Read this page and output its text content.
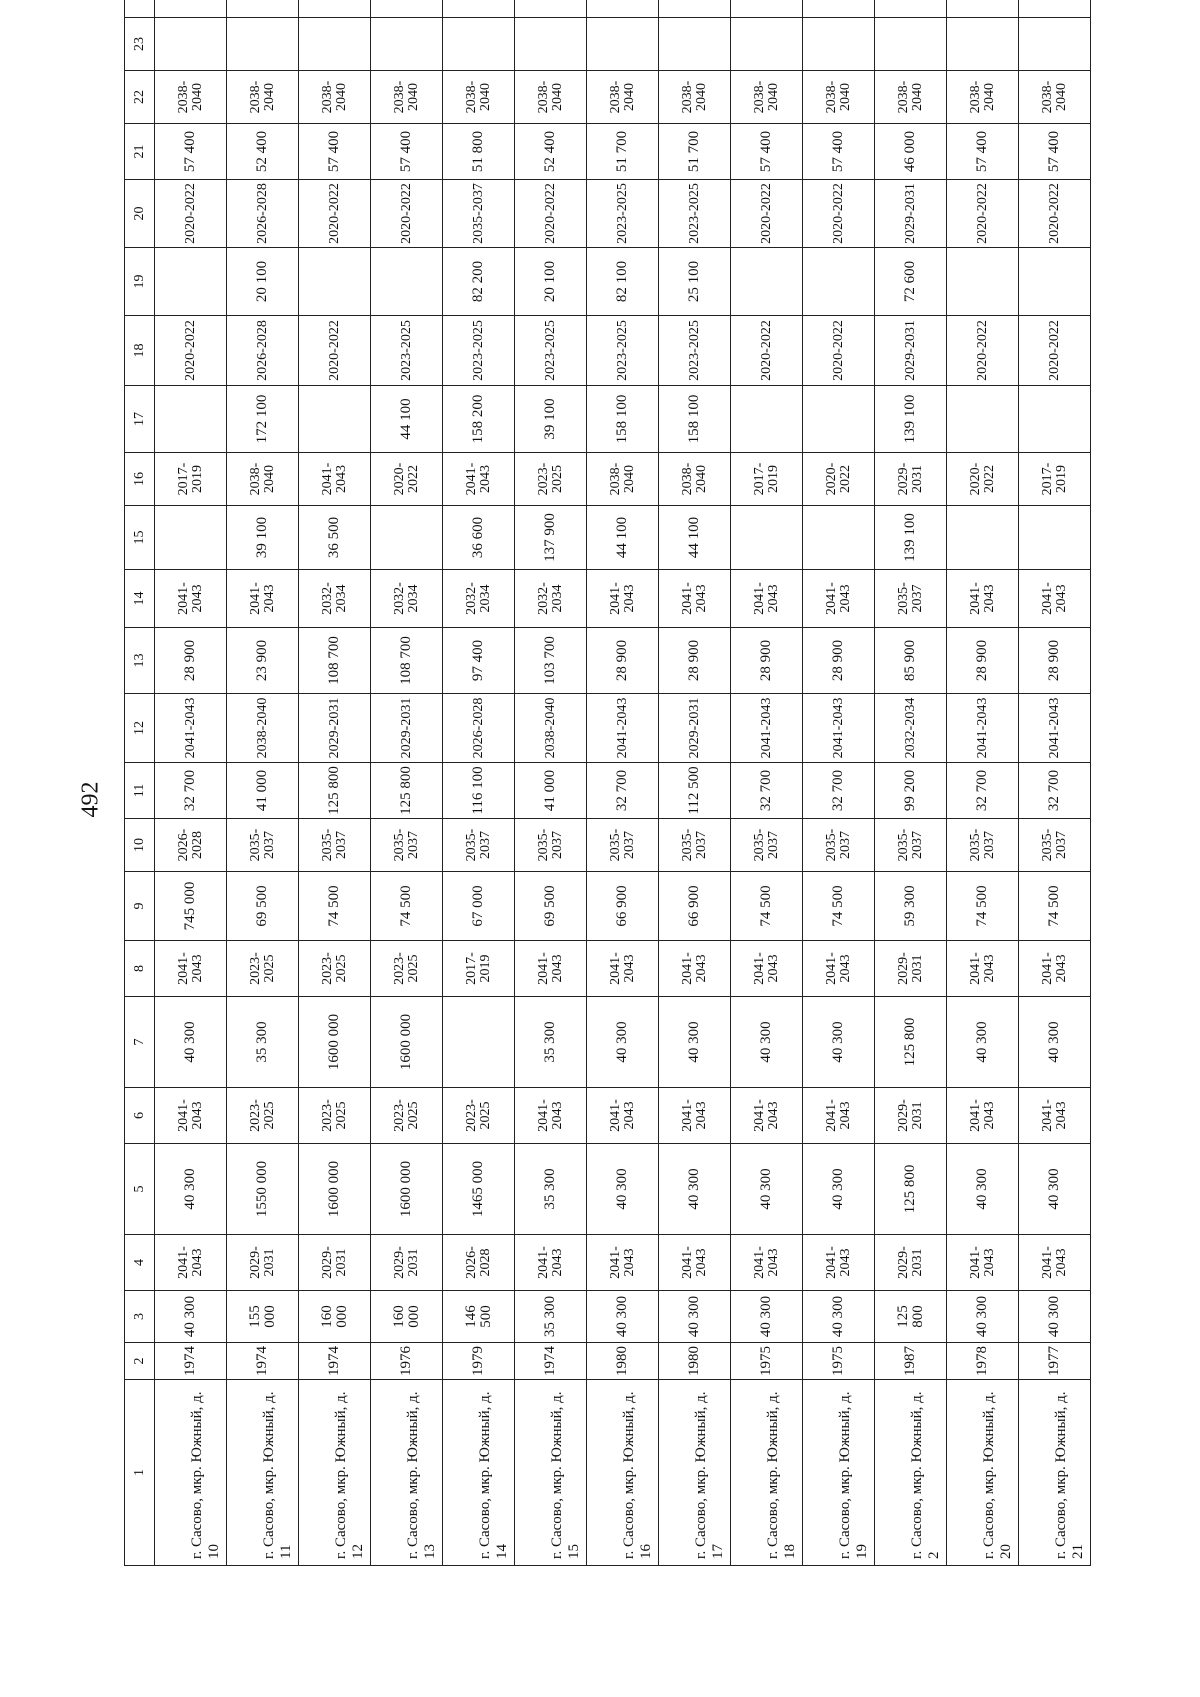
492
1	2	3	4	5	6	7	8	9	10	11	12	13	14	15	16	17	18	19	20	21	22	23	
г. Сасово, мкр. Южный, д. 10	1974	40 300	2041-2043	40 300	2041-2043	40 300	2041-2043	745 000	2026-2028	32 700	2041-2043	28 900	2041-2043		2017-2019		2020-2022		2020-2022	57 400	2038-2040		
г. Сасово, мкр. Южный, д. 11	1974	155 000	2029-2031	1550 000	2023-2025	35 300	2023-2025	69 500	2035-2037	41 000	2038-2040	23 900	2041-2043	39 100	2038-2040	172 100	2026-2028	20 100	2026-2028	52 400	2038-2040		
г. Сасово, мкр. Южный, д. 12	1974	160 000	2029-2031	1600 000	2023-2025	1600 000	2023-2025	74 500	2035-2037	125 800	2029-2031	108 700	2032-2034	36 500	2041-2043		2020-2022		2020-2022	57 400	2038-2040		
г. Сасово, мкр. Южный, д. 13	1976	160 000	2029-2031	1600 000	2023-2025	1600 000	2023-2025	74 500	2035-2037	125 800	2029-2031	108 700	2032-2034		2020-2022	44 100	2023-2025		2020-2022	57 400	2038-2040		
г. Сасово, мкр. Южный, д. 14	1979	146 500	2026-2028	1465 000	2023-2025		2017-2019	67 000	2035-2037	116 100	2026-2028	97 400	2032-2034	36 600	2041-2043	158 200	2023-2025	82 200	2035-2037	51 800	2038-2040		
г. Сасово, мкр. Южный, д. 15	1974	35 300	2041-2043	35 300	2041-2043	35 300	2041-2043	69 500	2035-2037	41 000	2038-2040	103 700	2032-2034	137 900	2023-2025	39 100	2023-2025	20 100	2020-2022	52 400	2038-2040		
г. Сасово, мкр. Южный, д. 16	1980	40 300	2041-2043	40 300	2041-2043	40 300	2041-2043	66 900	2035-2037	32 700	2041-2043	28 900	2041-2043	44 100	2038-2040	158 100	2023-2025	82 100	2023-2025	51 700	2038-2040		
г. Сасово, мкр. Южный, д. 17	1980	40 300	2041-2043	40 300	2041-2043	40 300	2041-2043	66 900	2035-2037	112 500	2029-2031	28 900	2041-2043	44 100	2038-2040	158 100	2023-2025	25 100	2023-2025	51 700	2038-2040		
г. Сасово, мкр. Южный, д. 18	1975	40 300	2041-2043	40 300	2041-2043	40 300	2041-2043	74 500	2035-2037	32 700	2041-2043	28 900	2041-2043		2017-2019		2020-2022		2020-2022	57 400	2038-2040		
г. Сасово, мкр. Южный, д. 19	1975	40 300	2041-2043	40 300	2041-2043	40 300	2041-2043	74 500	2035-2037	32 700	2041-2043	28 900	2041-2043		2020-2022		2020-2022		2020-2022	57 400	2038-2040		
г. Сасово, мкр. Южный, д. 2	1987	125 800	2029-2031	125 800	2029-2031	125 800	2029-2031	59 300	2035-2037	99 200	2032-2034	85 900	2035-2037	139 100	2029-2031	139 100	2029-2031	72 600	2029-2031	46 000	2038-2040		
г. Сасово, мкр. Южный, д. 20	1978	40 300	2041-2043	40 300	2041-2043	40 300	2041-2043	74 500	2035-2037	32 700	2041-2043	28 900	2041-2043		2020-2022		2020-2022		2020-2022	57 400	2038-2040		
г. Сасово, мкр. Южный, д. 21	1977	40 300	2041-2043	40 300	2041-2043	40 300	2041-2043	74 500	2035-2037	32 700	2041-2043	28 900	2041-2043		2017-2019		2020-2022		2020-2022	57 400	2038-2040		
